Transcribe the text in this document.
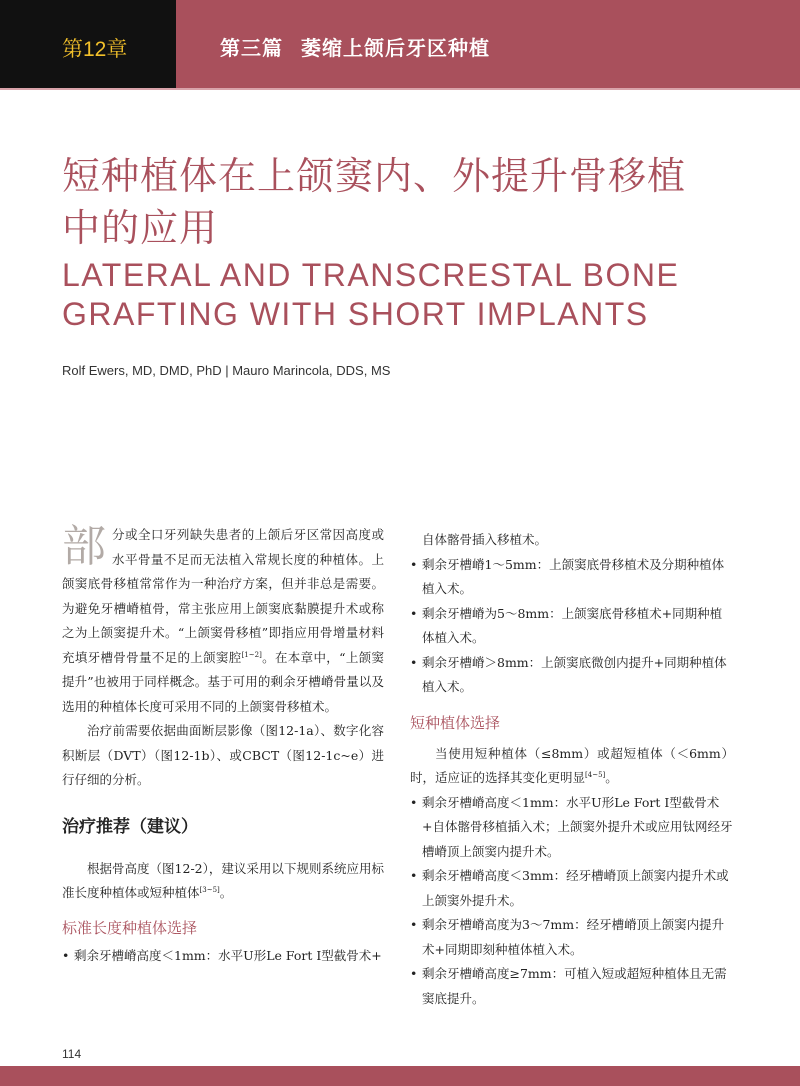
第12章	第三篇 萎缩上颌后牙区种植
短种植体在上颌窦内、外提升骨移植
中的应用
LATERAL AND TRANSCRESTAL BONE
GRAFTING WITH SHORT IMPLANTS
Rolf Ewers, MD, DMD, PhD | Mauro Marincola, DDS, MS

部分或全口牙列缺失患者的上颌后牙区常因高度或水平骨量不足而无法植入常规长度的种植体。上颌窦底骨移植常常作为一种治疗方案，但并非总是需要。为避免牙槽嵴植骨，常主张应用上颌窦底黏膜提升术或称之为上颌窦提升术。“上颌窦骨移植”即指应用骨增量材料充填牙槽骨骨量不足的上颌窦腔[1~2]。在本章中，“上颌窦提升”也被用于同样概念。基于可用的剩余牙槽嵴骨量以及选用的种植体长度可采用不同的上颌窦骨移植术。

治疗前需要依据曲面断层影像（图12-1a）、数字化容积断层（DVT）（图12-1b）、或CBCT（图12-1c~e）进行仔细的分析。

治疗推荐（建议）

根据骨高度（图12-2），建议采用以下规则系统应用标准长度种植体或短种植体[3~5]。

标准长度种植体选择

• 剩余牙槽嵴高度＜1mm：水平U形Le Fort Ⅰ型截骨术+

自体髂骨插入移植术。

• 剩余牙槽嵴1～5mm：上颌窦底骨移植术及分期种植体植入术。

• 剩余牙槽嵴为5～8mm：上颌窦底骨移植术+同期种植体植入术。

• 剩余牙槽嵴＞8mm：上颌窦底微创内提升+同期种植体植入术。

短种植体选择

当使用短种植体（≤8mm）或超短植体（＜6mm）时，适应证的选择其变化更明显[4~5]。

• 剩余牙槽嵴高度＜1mm：水平U形Le Fort Ⅰ型截骨术+自体髂骨移植插入术；上颌窦外提升术或应用钛网经牙槽嵴顶上颌窦内提升术。

• 剩余牙槽嵴高度＜3mm：经牙槽嵴顶上颌窦内提升术或上颌窦外提升术。

• 剩余牙槽嵴高度为3～7mm：经牙槽嵴顶上颌窦内提升术+同期即刻种植体植入术。

• 剩余牙槽嵴高度≥7mm：可植入短或超短种植体且无需窦底提升。

114
